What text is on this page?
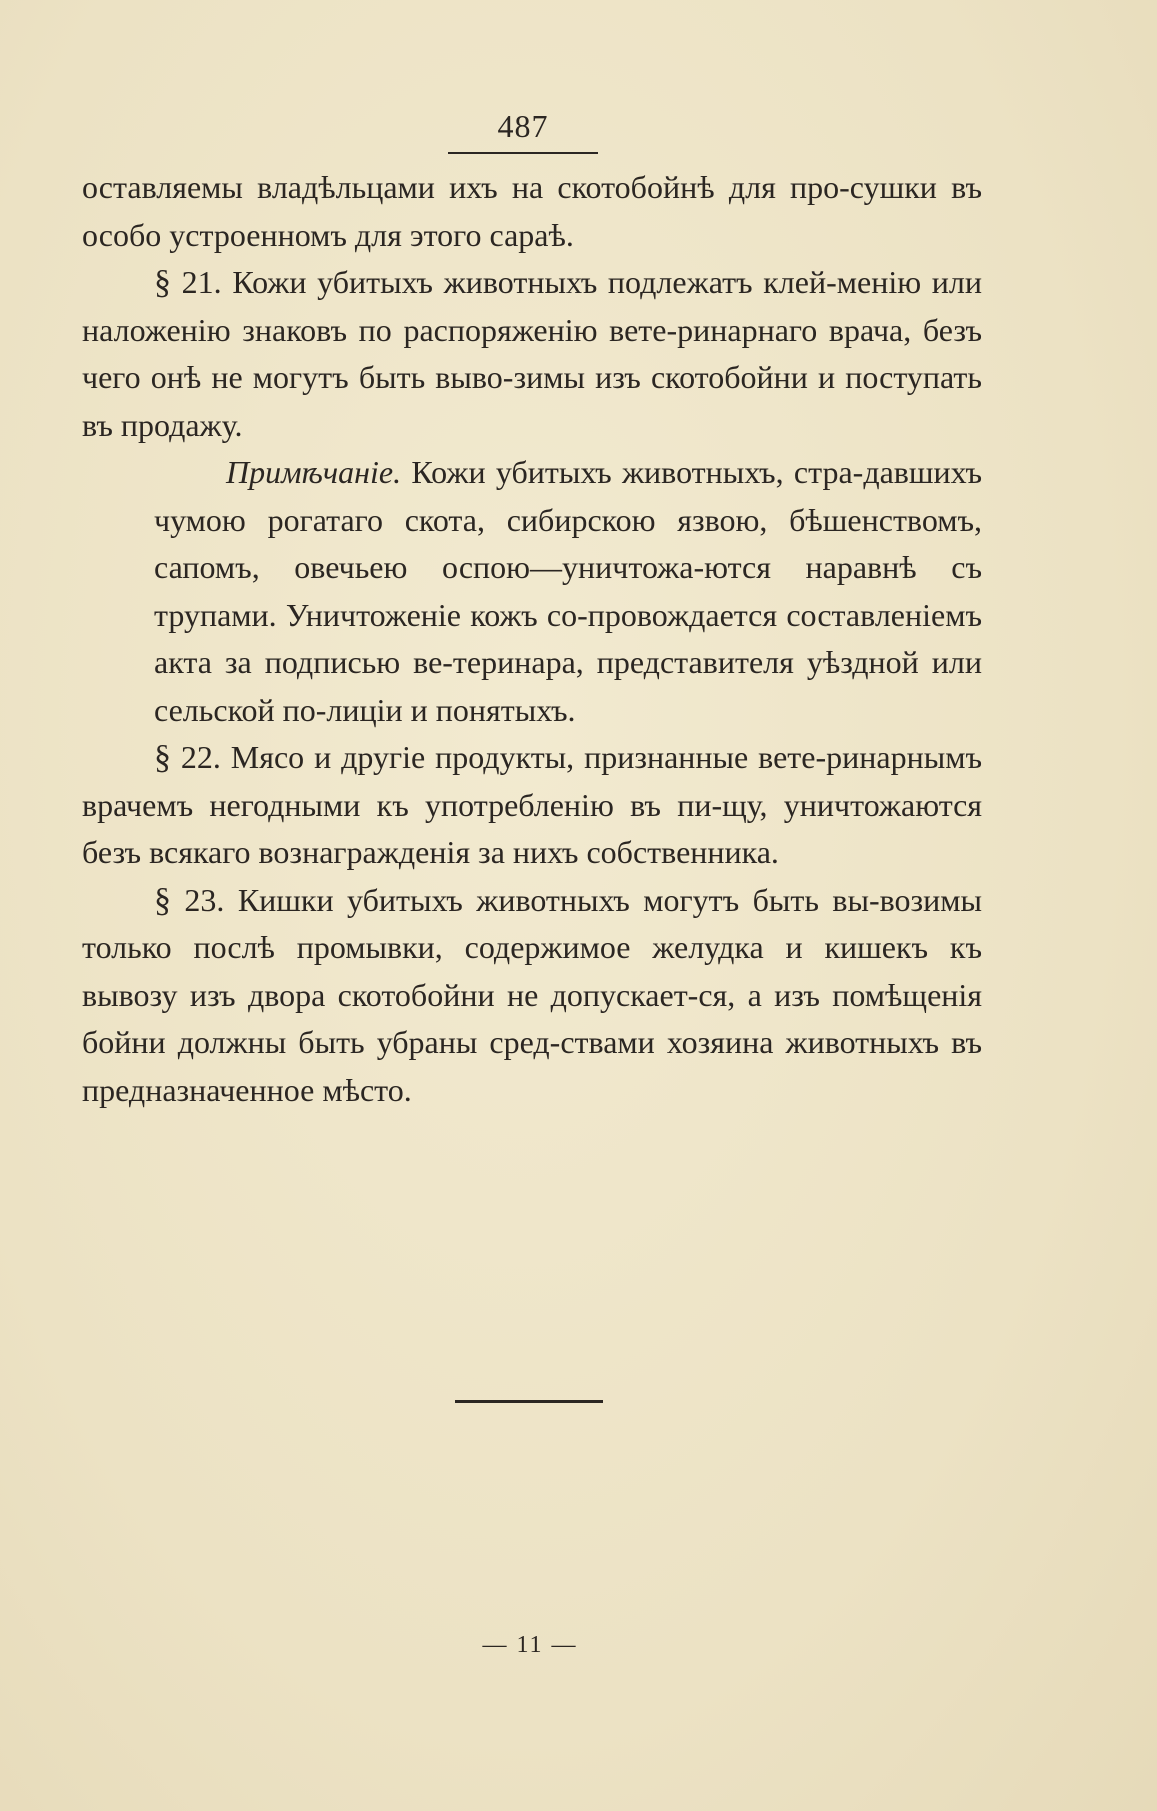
487

оставляемы владѣльцами ихъ на скотобойнѣ для про-сушки въ особо устроенномъ для этого сараѣ.

§ 21. Кожи убитыхъ животныхъ подлежатъ клей-менію или наложенію знаковъ по распоряженію вете-ринарнаго врача, безъ чего онѣ не могутъ быть выво-зимы изъ скотобойни и поступать въ продажу.

Примѣчаніе. Кожи убитыхъ животныхъ, стра-давшихъ чумою рогатаго скота, сибирскою язвою, бѣшенствомъ, сапомъ, овечьею оспою—уничтожа-ются наравнѣ съ трупами. Уничтоженіе кожъ со-провождается составленіемъ акта за подписью ве-теринара, представителя уѣздной или сельской по-лиціи и понятыхъ.

§ 22. Мясо и другіе продукты, признанные вете-ринарнымъ врачемъ негодными къ употребленію въ пи-щу, уничтожаются безъ всякаго вознагражденія за нихъ собственника.

§ 23. Кишки убитыхъ животныхъ могутъ быть вы-возимы только послѣ промывки, содержимое желудка и кишекъ къ вывозу изъ двора скотобойни не допускает-ся, а изъ помѣщенія бойни должны быть убраны сред-ствами хозяина животныхъ въ предназначенное мѣсто.

— 11 —
